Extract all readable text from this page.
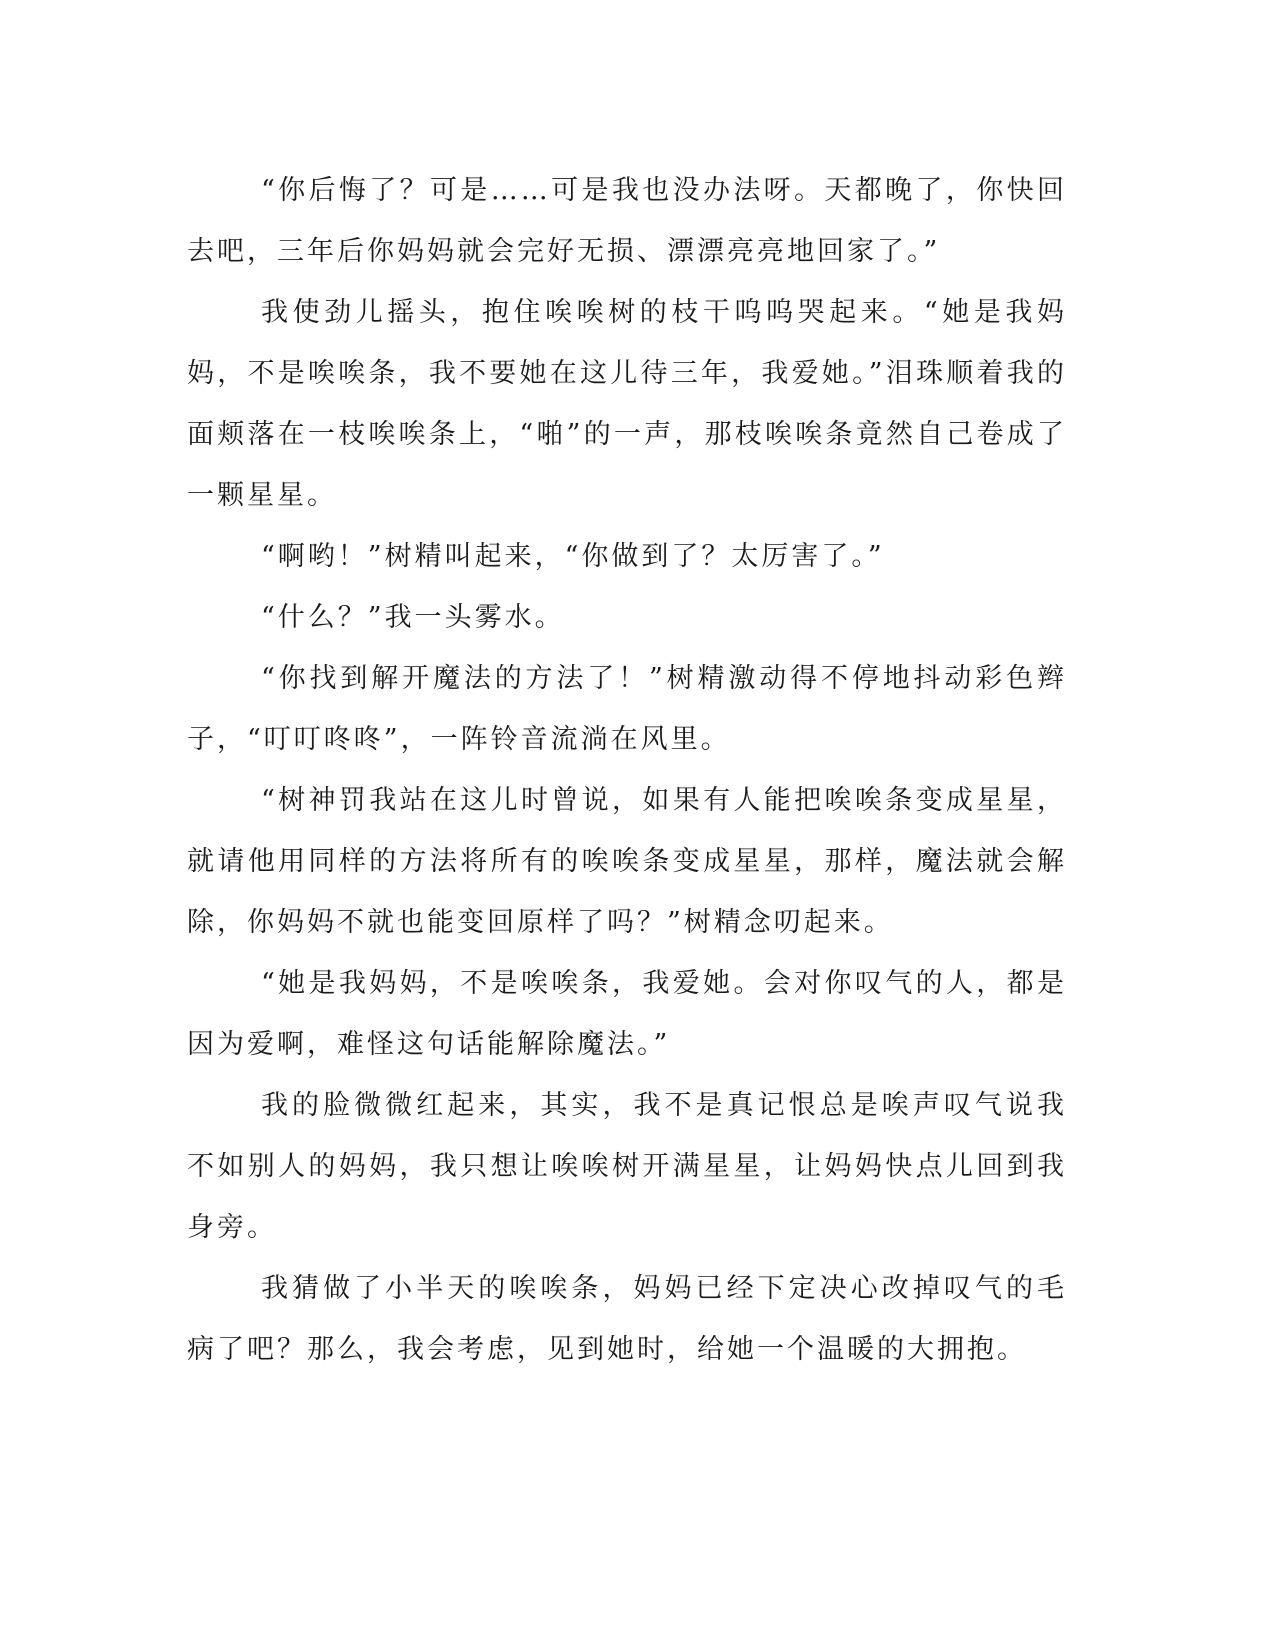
“你后悔了？可是……可是我也没办法呀。天都晚了，你快回去吧，三年后你妈妈就会完好无损、漂漂亮亮地回家了。”

我使劲儿摇头，抱住唉唉树的枝干呜呜哭起来。“她是我妈妈，不是唉唉条，我不要她在这儿待三年，我爱她。”泪珠顺着我的面颊落在一枝唉唉条上，“啪”的一声，那枝唉唉条竟然自己卷成了一颗星星。

“啊哟！”树精叫起来，“你做到了？太厉害了。”

“什么？”我一头雾水。

“你找到解开魔法的方法了！”树精激动得不停地抖动彩色辫子，“叮叮咚咚”，一阵铃音流淌在风里。

“树神罚我站在这儿时曾说，如果有人能把唉唉条变成星星，就请他用同样的方法将所有的唉唉条变成星星，那样，魔法就会解除，你妈妈不就也能变回原样了吗？”树精念叨起来。

“她是我妈妈，不是唉唉条，我爱她。会对你叹气的人，都是因为爱啊，难怪这句话能解除魔法。”

我的脸微微红起来，其实，我不是真记恨总是唉声叹气说我不如别人的妈妈，我只想让唉唉树开满星星，让妈妈快点儿回到我身旁。

我猜做了小半天的唉唉条，妈妈已经下定决心改掉叹气的毛病了吧？那么，我会考虑，见到她时，给她一个温暖的大拥抱。
